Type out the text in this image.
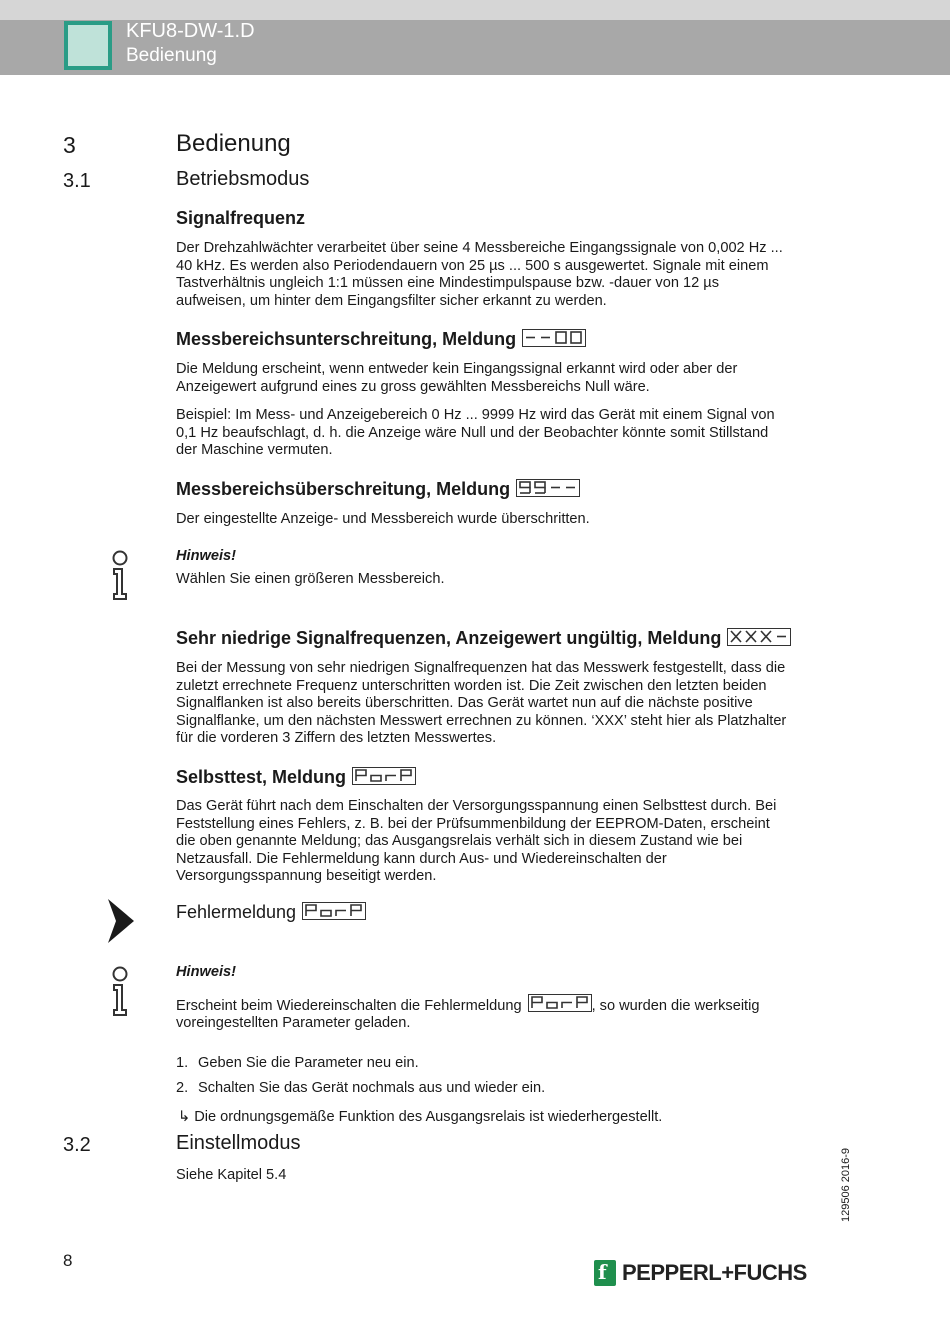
KFU8-DW-1.D
Bedienung
3	Bedienung
3.1	Betriebsmodus
Signalfrequenz
Der Drehzahlwächter verarbeitet über seine 4 Messbereiche Eingangssignale von 0,002 Hz ...
40 kHz. Es werden also Periodendauern von 25 µs ... 500 s ausgewertet. Signale mit einem
Tastverhältnis ungleich 1:1 müssen eine Mindestimpulspause bzw. -dauer von 12 µs
aufweisen, um hinter dem Eingangsfilter sicher erkannt zu werden.
Messbereichsunterschreitung, Meldung
Die Meldung erscheint, wenn entweder kein Eingangssignal erkannt wird oder aber der
Anzeigewert aufgrund eines zu gross gewählten Messbereichs Null wäre.
Beispiel: Im Mess- und Anzeigebereich 0 Hz ... 9999 Hz wird das Gerät mit einem Signal von
0,1 Hz beaufschlagt, d. h. die Anzeige wäre Null und der Beobachter könnte somit Stillstand
der Maschine vermuten.
Messbereichsüberschreitung, Meldung
Der eingestellte Anzeige- und Messbereich wurde überschritten.
Hinweis!
Wählen Sie einen größeren Messbereich.
Sehr niedrige Signalfrequenzen, Anzeigewert ungültig, Meldung
Bei der Messung von sehr niedrigen Signalfrequenzen hat das Messwerk festgestellt, dass die
zuletzt errechnete Frequenz unterschritten worden ist. Die Zeit zwischen den letzten beiden
Signalflanken ist also bereits überschritten. Das Gerät wartet nun auf die nächste positive
Signalflanke, um den nächsten Messwert errechnen zu können. ‘XXX’ steht hier als Platzhalter
für die vorderen 3 Ziffern des letzten Messwertes.
Selbsttest, Meldung
Das Gerät führt nach dem Einschalten der Versorgungsspannung einen Selbsttest durch. Bei
Feststellung eines Fehlers, z. B. bei der Prüfsummenbildung der EEPROM-Daten, erscheint
die oben genannte Meldung; das Ausgangsrelais verhält sich in diesem Zustand wie bei
Netzausfall. Die Fehlermeldung kann durch Aus- und Wiedereinschalten der
Versorgungsspannung beseitigt werden.
Fehlermeldung
Hinweis!
Erscheint beim Wiedereinschalten die Fehlermeldung	, so wurden die werkseitig
voreingestellten Parameter geladen.
1. Geben Sie die Parameter neu ein.
2. Schalten Sie das Gerät nochmals aus und wieder ein.
↳ Die ordnungsgemäße Funktion des Ausgangsrelais ist wiederhergestellt.
3.2	Einstellmodus
Siehe Kapitel 5.4	129506 2016-9
8	f PEPPERL+FUCHS
